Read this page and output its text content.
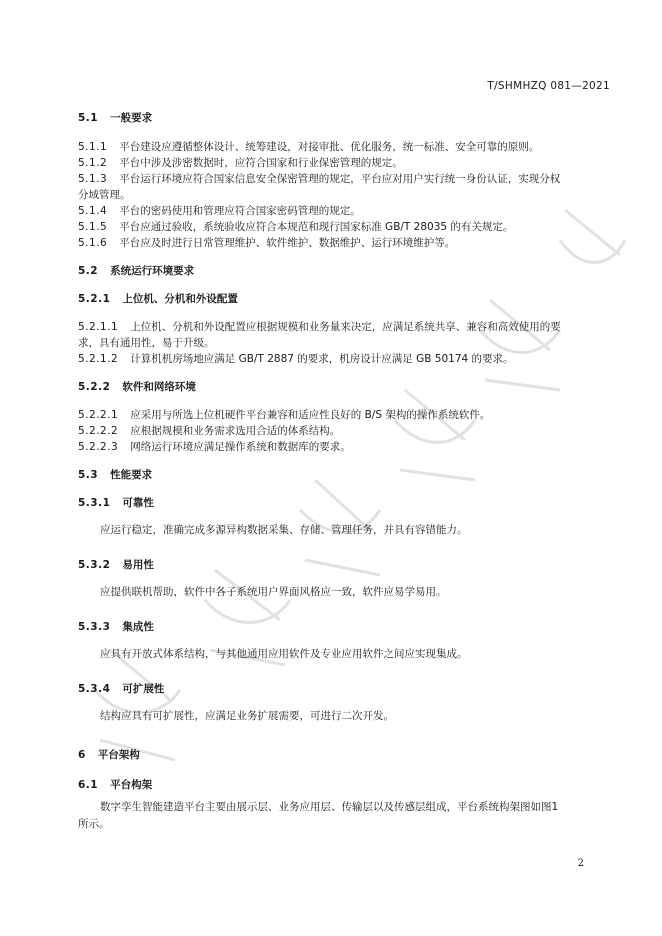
T/SHMHZQ 081—2021
5.1 一般要求
5.1.1 平台建设应遵循整体设计、统筹建设，对接审批、优化服务，统一标准、安全可靠的原则。
5.1.2 平台中涉及涉密数据时，应符合国家和行业保密管理的规定。
5.1.3 平台运行环境应符合国家信息安全保密管理的规定，平台应对用户实行统一身份认证，实现分权
分域管理。
5.1.4 平台的密码使用和管理应符合国家密码管理的规定。
5.1.5 平台应通过验收，系统验收应符合本规范和现行国家标准 GB/T 28035 的有关规定。
5.1.6 平台应及时进行日常管理维护、软件维护、数据维护、运行环境维护等。
5.2 系统运行环境要求
5.2.1 上位机、分机和外设配置
5.2.1.1 上位机、分机和外设配置应根据规模和业务量来决定，应满足系统共享、兼容和高效使用的要
求，具有通用性，易于升级。
5.2.1.2 计算机机房场地应满足 GB/T 2887 的要求，机房设计应满足 GB 50174 的要求。
5.2.2 软件和网络环境
5.2.2.1 应采用与所选上位机硬件平台兼容和适应性良好的 B/S 架构的操作系统软件。
5.2.2.2 应根据规模和业务需求选用合适的体系结构。
5.2.2.3 网络运行环境应满足操作系统和数据库的要求。
5.3 性能要求
5.3.1 可靠性
应运行稳定，准确完成多源异构数据采集、存储、管理任务，并具有容错能力。
5.3.2 易用性
应提供联机帮助，软件中各子系统用户界面风格应一致，软件应易学易用。
5.3.3 集成性
应具有开放式体系结构，与其他通用应用软件及专业应用软件之间应实现集成。
5.3.4 可扩展性
结构应具有可扩展性，应满足业务扩展需要，可进行二次开发。
6 平台架构
6.1 平台构架
数字孪生智能建造平台主要由展示层、业务应用层、传输层以及传感层组成，平台系统构架图如图1
所示。
2
